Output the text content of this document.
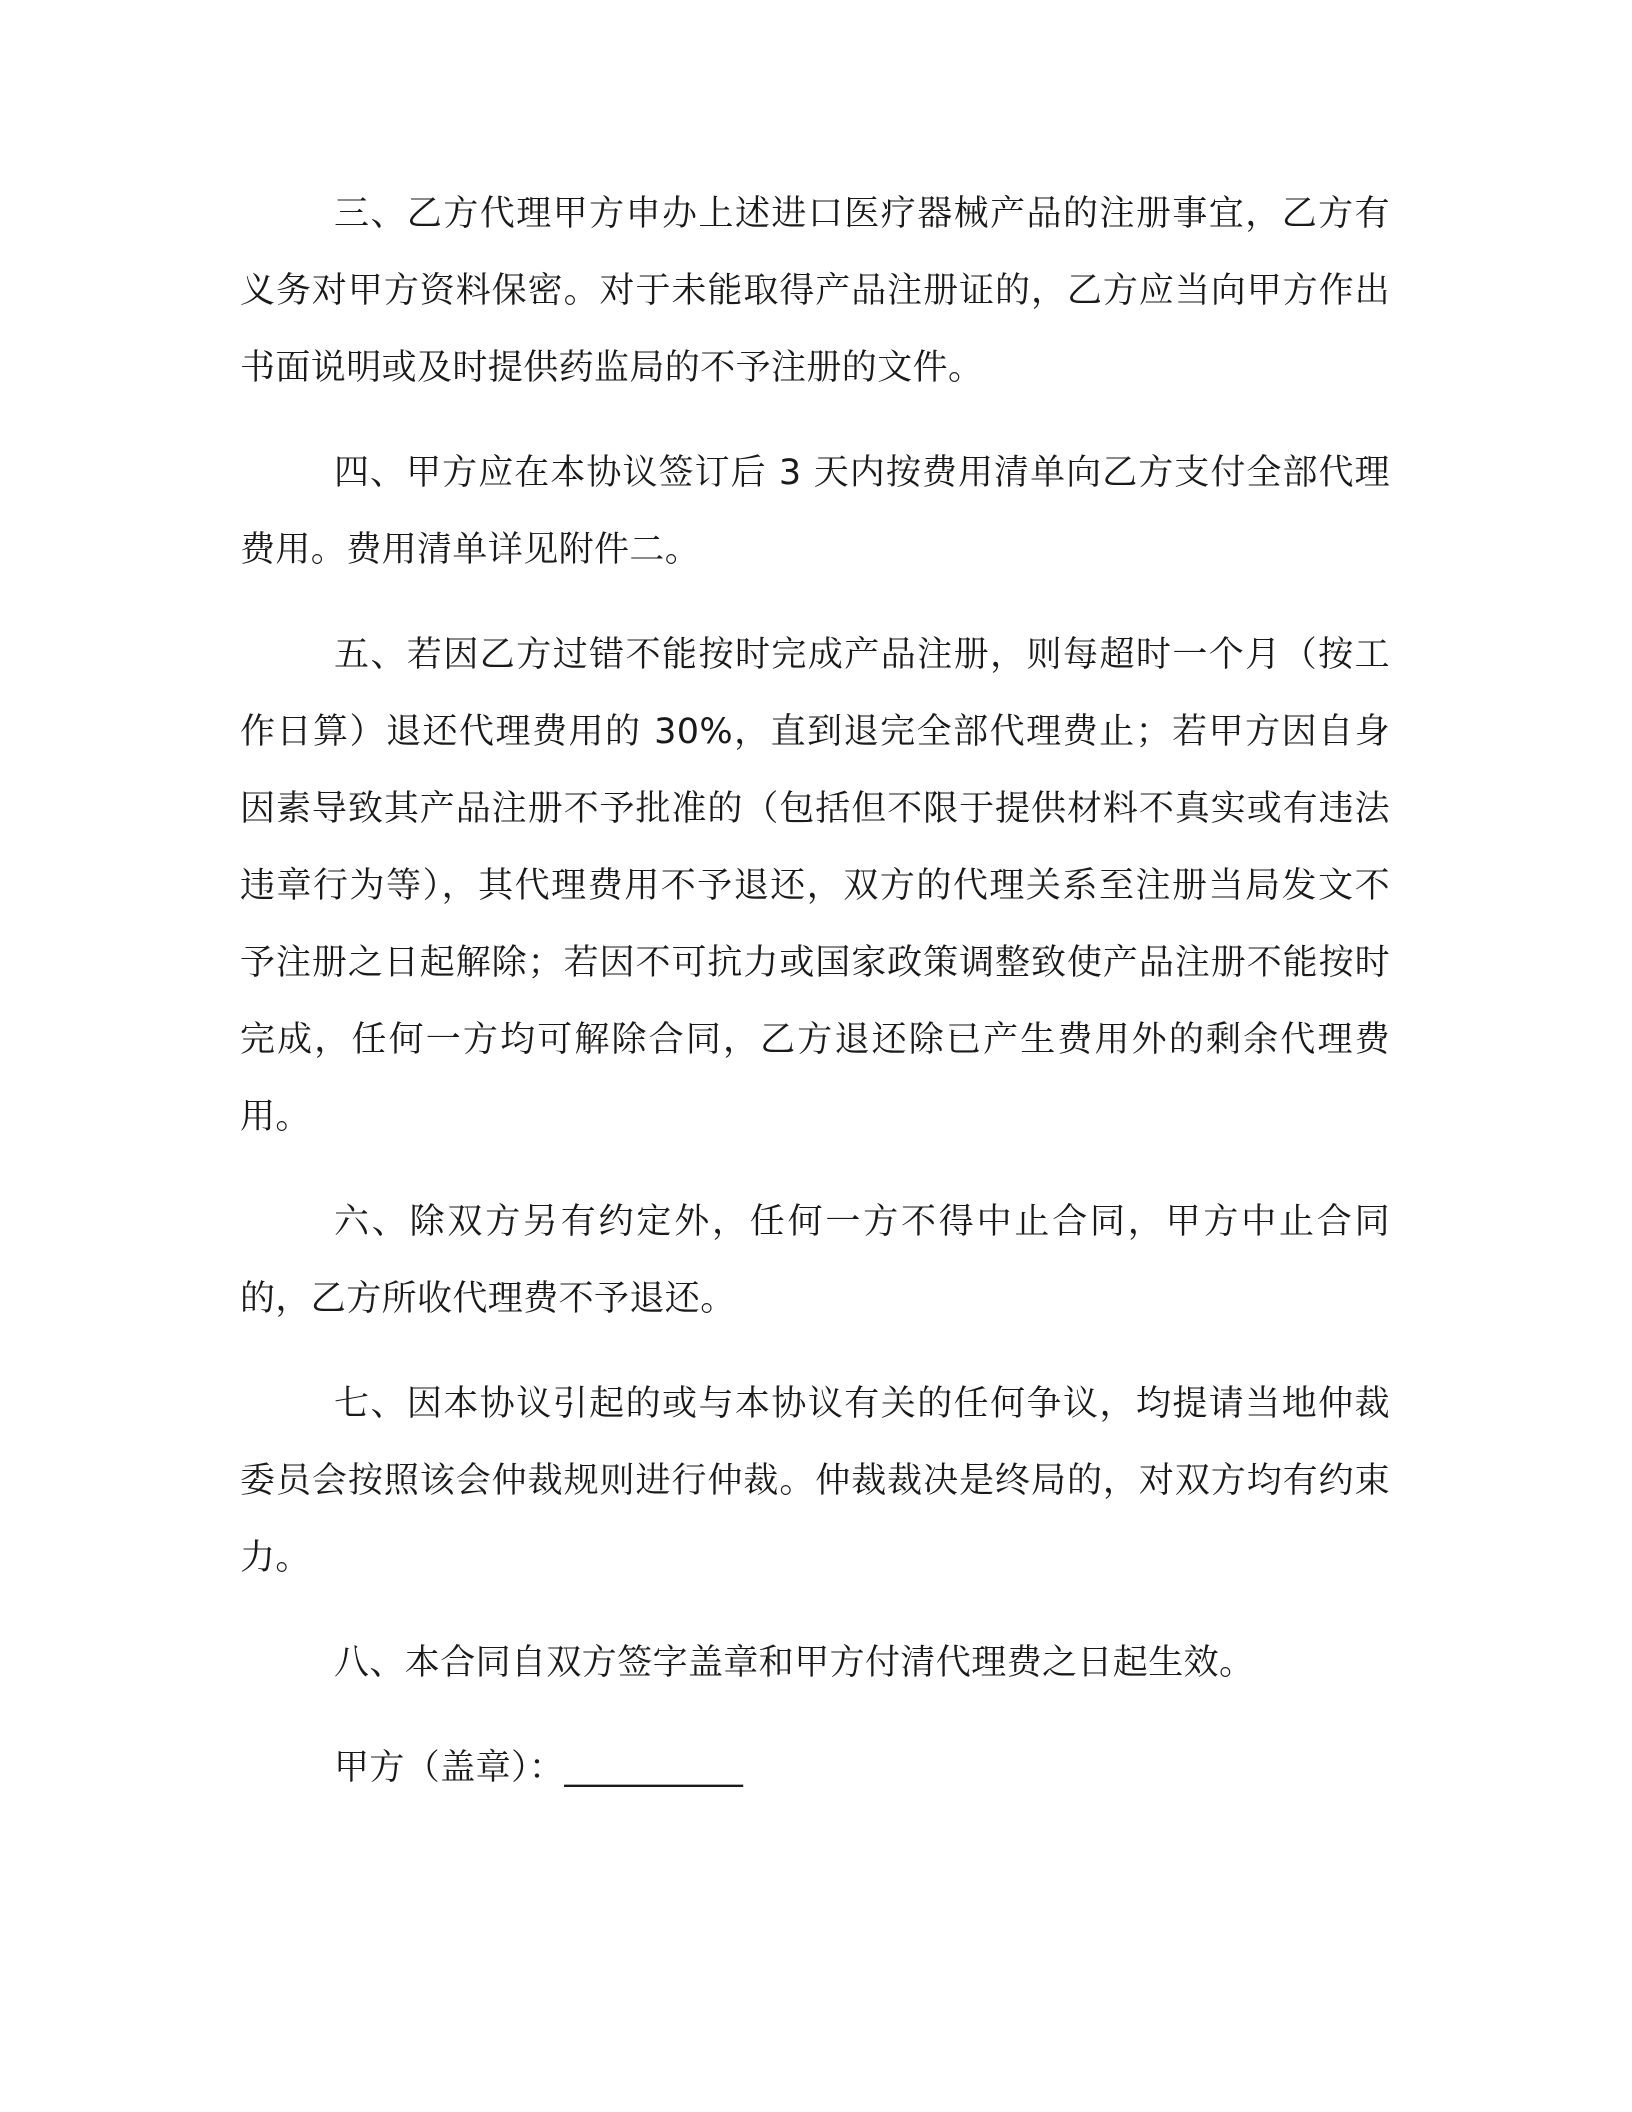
三、乙方代理甲方申办上述进口医疗器械产品的注册事宜，乙方有义务对甲方资料保密。对于未能取得产品注册证的，乙方应当向甲方作出书面说明或及时提供药监局的不予注册的文件。

四、甲方应在本协议签订后 3 天内按费用清单向乙方支付全部代理费用。费用清单详见附件二。

五、若因乙方过错不能按时完成产品注册，则每超时一个月（按工作日算）退还代理费用的 30%，直到退完全部代理费止；若甲方因自身因素导致其产品注册不予批准的（包括但不限于提供材料不真实或有违法违章行为等），其代理费用不予退还，双方的代理关系至注册当局发文不予注册之日起解除；若因不可抗力或国家政策调整致使产品注册不能按时完成，任何一方均可解除合同，乙方退还除已产生费用外的剩余代理费用。

六、除双方另有约定外，任何一方不得中止合同，甲方中止合同的，乙方所收代理费不予退还。

七、因本协议引起的或与本协议有关的任何争议，均提请当地仲裁委员会按照该会仲裁规则进行仲裁。仲裁裁决是终局的，对双方均有约束力。

八、本合同自双方签字盖章和甲方付清代理费之日起生效。

甲方（盖章）：__________
